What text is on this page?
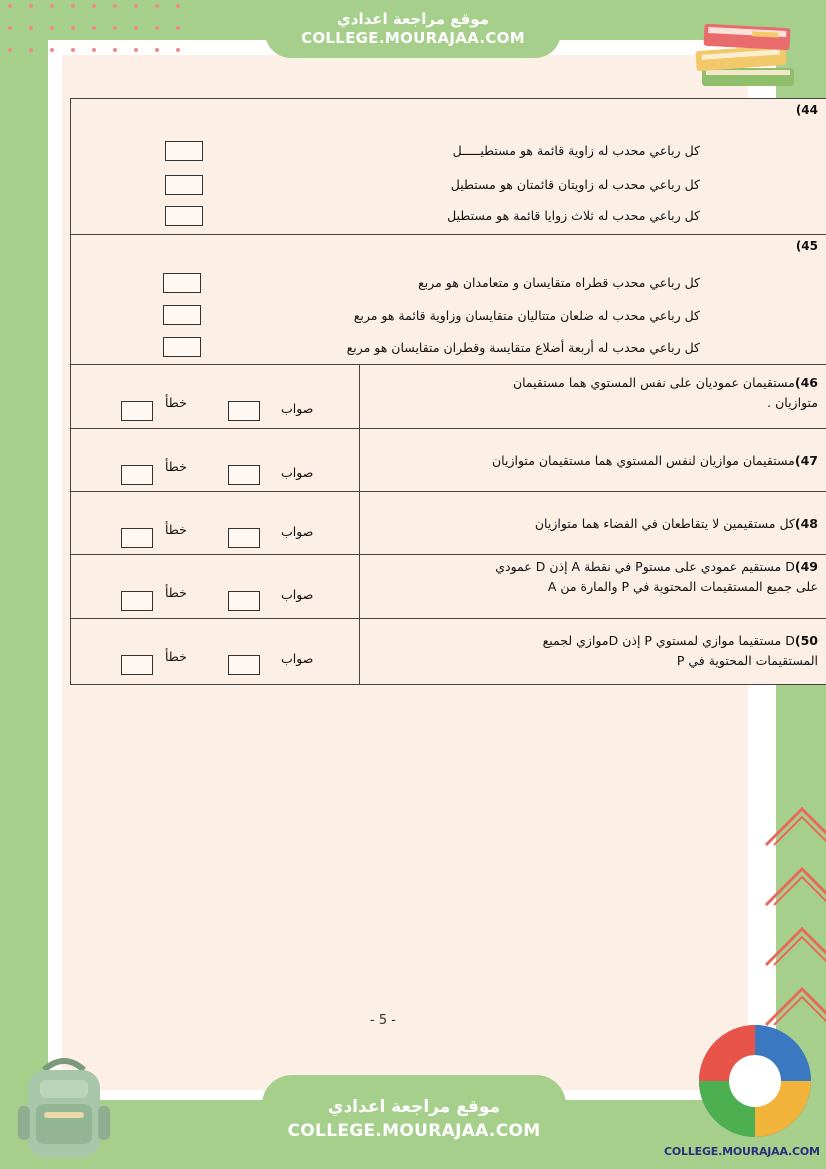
موقع مراجعة اعدادي
COLLEGE.MOURAJAA.COM
(44
كل رباعي محدب له زاوية قائمة هو مستطيـــــل
كل رباعي محدب له زاويتان قائمتان هو مستطيل
كل رباعي محدب له ثلاث زوايا قائمة هو مستطيل
(45
كل رباعي محدب قطراه متقايسان و متعامدان هو مربع
كل رباعي محدب له ضلعان متتاليان متقايسان وزاوية قائمة هو مربع
كل رباعي محدب له أربعة أضلاع متقايسة وقطران متقايسان هو مربع
46)مستقيمان عموديان على نفس المستوي هما مستقيمان متوازيان .
صواب
خطأ
47)مستقيمان موازيان لنفس المستوي هما مستقيمان متوازيان
صواب
خطأ
48)كل مستقيمين لا يتقاطعان في الفضاء هما متوازيان
صواب
خطأ
49)D مستقيم عمودي على مستوP في نقطة A إذن D عمودي على جميع المستقيمات المحتوية في P والمارة من A
صواب
خطأ
50)D مستقيما موازي لمستوي P إذن Dموازي لجميع المستقيمات المحتوية في P
صواب
خطأ
- 5 -
موقع مراجعة اعدادي
COLLEGE.MOURAJAA.COM
COLLEGE.MOURAJAA.COM
